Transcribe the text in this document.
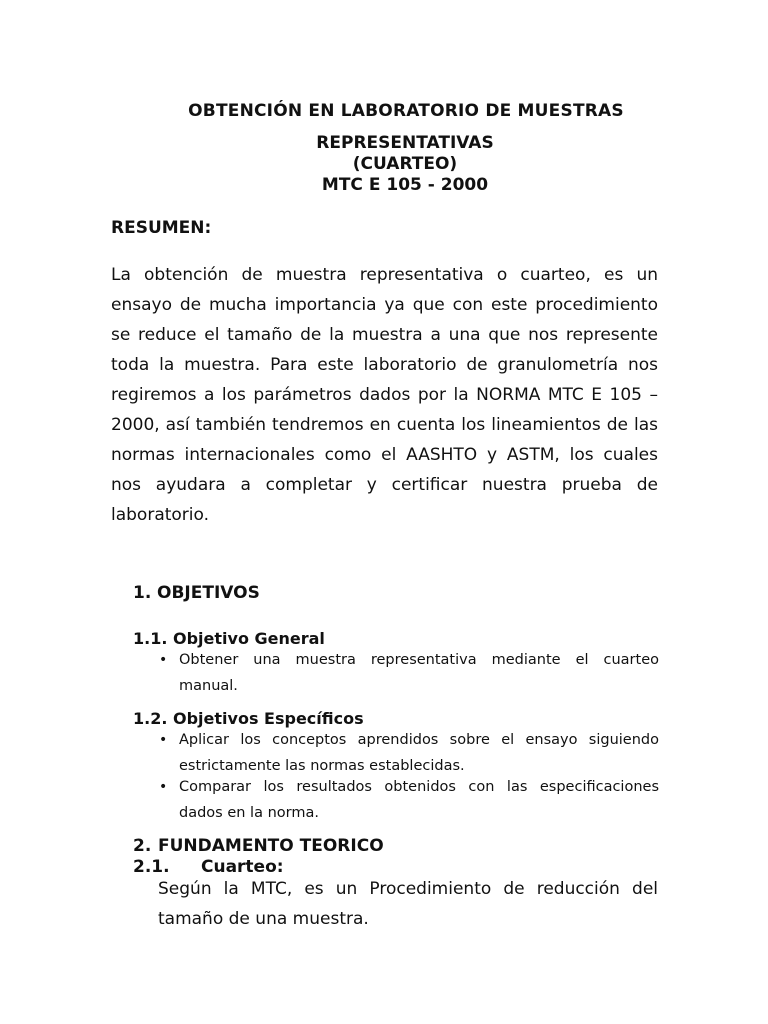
OBTENCIÓN EN LABORATORIO DE MUESTRAS

REPRESENTATIVAS

(CUARTEO)

MTC E 105 - 2000

RESUMEN:

La obtención de muestra representativa o cuarteo, es un ensayo de mucha importancia ya que con este procedimiento se reduce el tamaño de la muestra a una que nos represente toda la muestra. Para este laboratorio de granulometría nos regiremos a los parámetros dados por la NORMA MTC E 105 – 2000, así también tendremos en cuenta los lineamientos de las normas internacionales como el AASHTO y ASTM, los cuales nos ayudara a completar y certificar nuestra prueba de laboratorio.

1. OBJETIVOS

1.1. Objetivo General

• Obtener una muestra representativa mediante el cuarteo manual.

1.2. Objetivos Específicos

• Aplicar los conceptos aprendidos sobre el ensayo siguiendo estrictamente las normas establecidas.
• Comparar los resultados obtenidos con las especificaciones dados en la norma.

2. FUNDAMENTO TEORICO

2.1. Cuarteo:

Según la MTC, es un Procedimiento de reducción del tamaño de una muestra.
